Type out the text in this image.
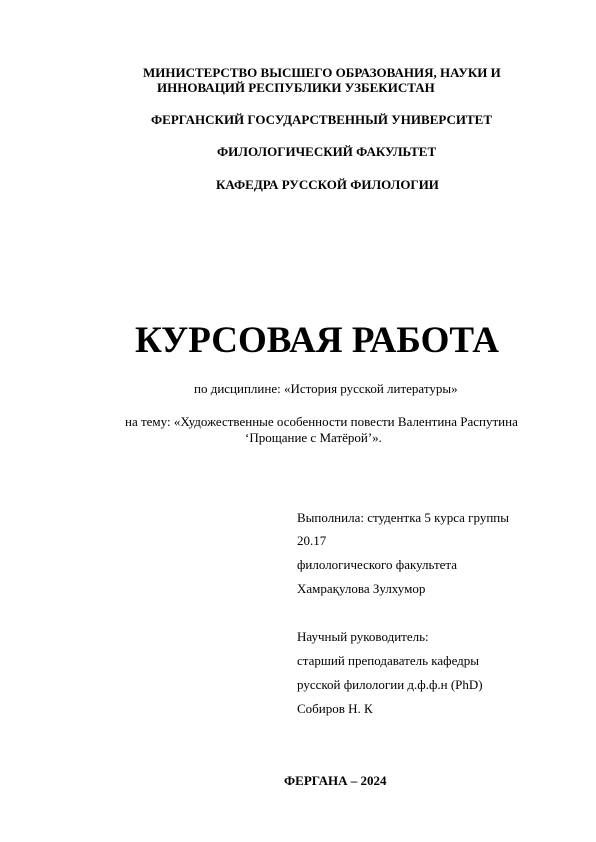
МИНИСТЕРСТВО ВЫСШЕГО ОБРАЗОВАНИЯ, НАУКИ И
ИННОВАЦИЙ РЕСПУБЛИКИ УЗБЕКИСТАН
ФЕРГАНСКИЙ ГОСУДАРСТВЕННЫЙ УНИВЕРСИТЕТ
ФИЛОЛОГИЧЕСКИЙ ФАКУЛЬТЕТ
КАФЕДРА РУССКОЙ ФИЛОЛОГИИ
КУРСОВАЯ РАБОТА
по дисциплине: «История русской литературы»
на тему: «Художественные особенности повести Валентина Распутина
‘Прощание с Матёрой’».
Выполнила: студентка 5 курса группы
20.17
филологического факультета
Хамрақулова Зулхумор
Научный руководитель:
старший преподаватель кафедры
русской филологии д.ф.ф.н (PhD)
Собиров Н. К
ФЕРГАНА – 2024
